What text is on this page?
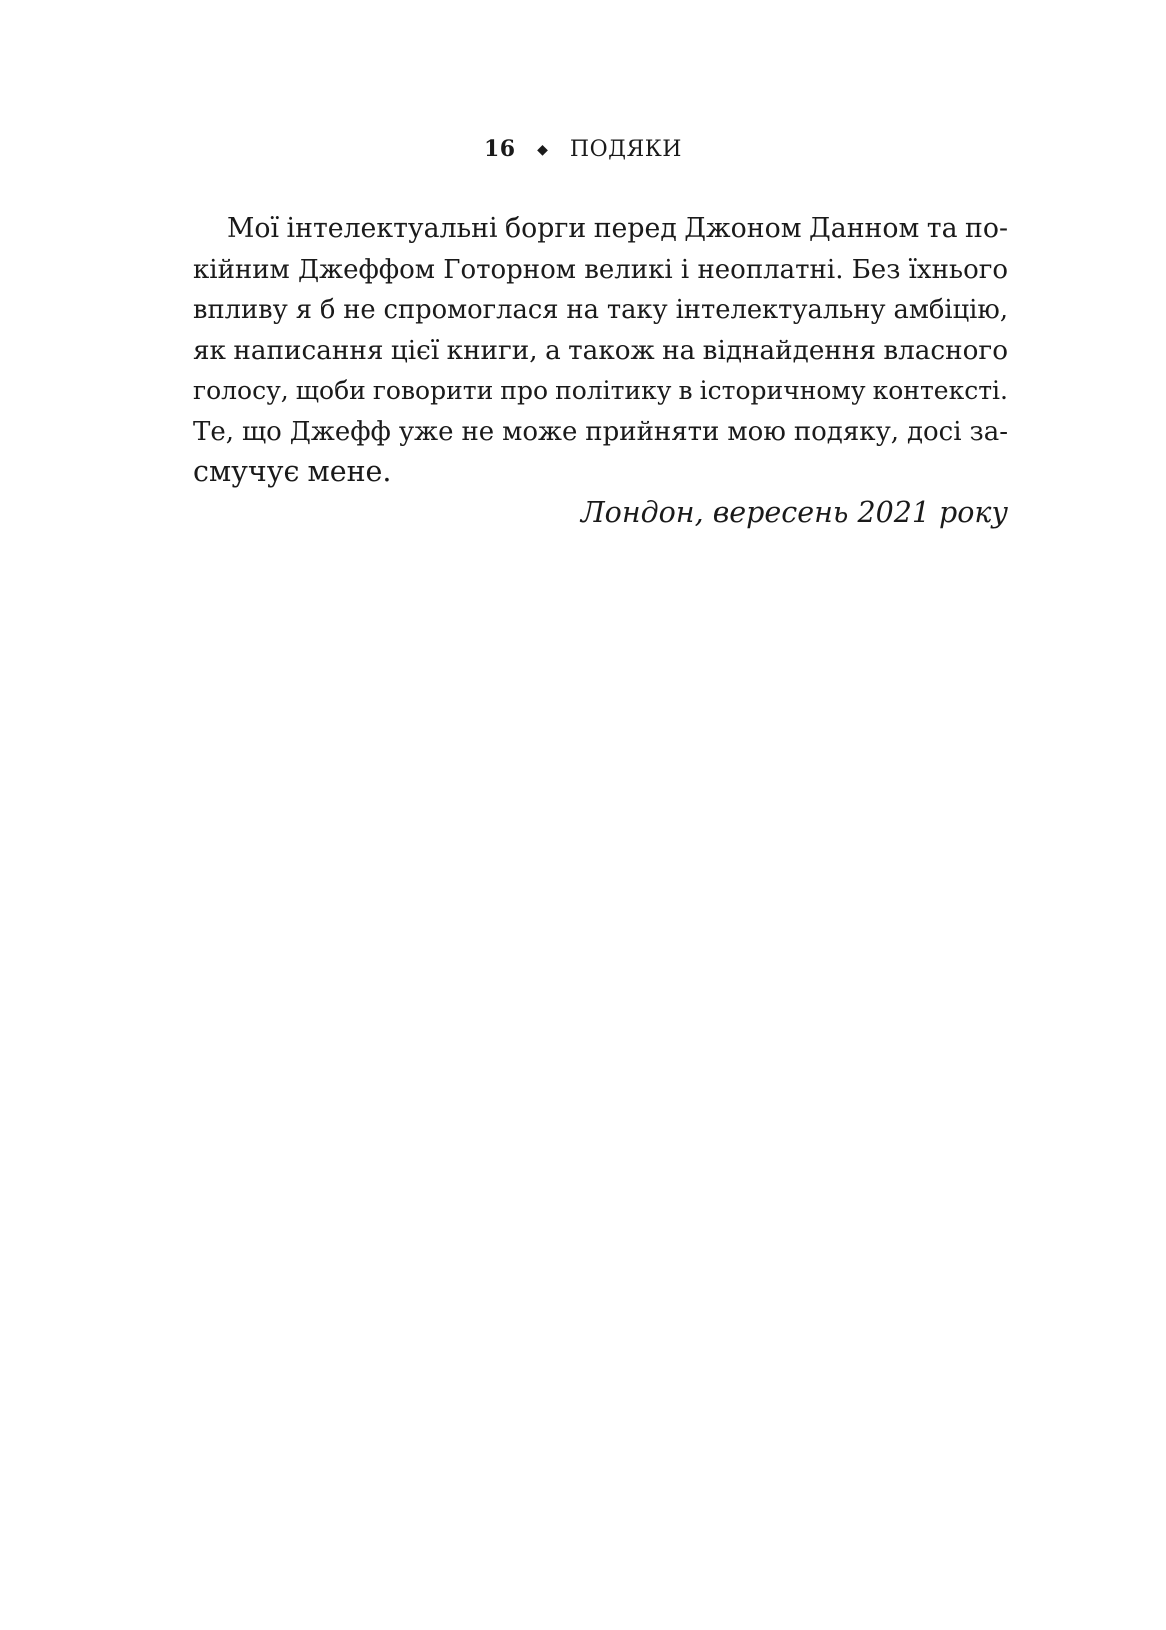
16 ◆ ПОДЯКИ
Мої інтелектуальні борги перед Джоном Данном та по-
кійним Джеффом Готорном великі і неоплатні. Без їхнього
впливу я б не спромоглася на таку інтелектуальну амбіцію,
як написання цієї книги, а також на віднайдення власного
голосу, щоби говорити про політику в історичному контексті.
Те, що Джефф уже не може прийняти мою подяку, досі за-
смучує мене.
Лондон, вересень 2021 року
